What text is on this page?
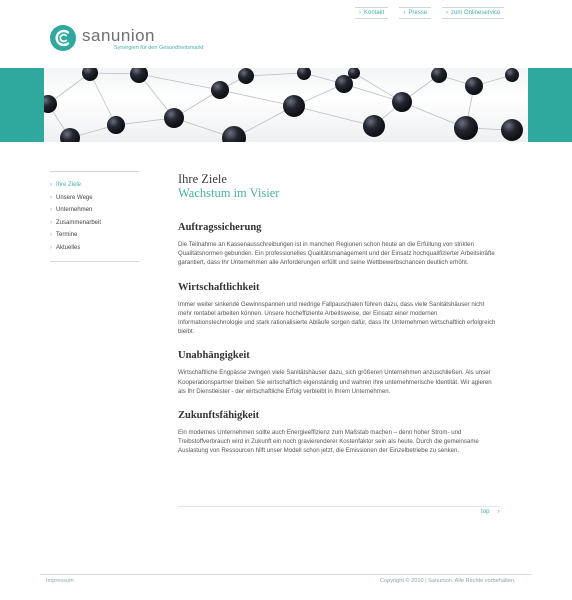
› Kontakt	› Presse	› zum Onlineservice
sanunion
Synergien für den Gesundheitsmarkt
› Ihre Ziele
› Unsere Wege
› Unternehmen
› Zusammenarbeit
› Termine
› Aktuelles
Ihre Ziele
Wachstum im Visier
Auftragssicherung
Die Teilnahme an Kassenausschreibungen ist in manchen Regionen schon heute an die Erfüllung von strikten Qualitätsnormen gebunden. Ein professionelles Qualitätsmanagement und der Einsatz hochqualifizierter Arbeitskräfte garantiert, dass Ihr Unternehmen alle Anforderungen erfüllt und seine Wettbewerbschancen deutlich erhöht.
Wirtschaftlichkeit
Immer weiter sinkende Gewinnspannen und niedrige Fallpauschalen führen dazu, dass viele Sanitätshäuser nicht mehr rentabel arbeiten können. Unsere hocheffiziente Arbeitsweise, der Einsatz einer modernen Informationstechnologie und stark rationalisierte Abläufe sorgen dafür, dass Ihr Unternehmen wirtschaftlich erfolgreich bleibt.
Unabhängigkeit
Wirtschaftliche Engpässe zwingen viele Sanitätshäuser dazu, sich größeren Unternehmen anzuschließen. Als unser Kooperationspartner bleiben Sie wirtschaftlich eigenständig und wahren ihre unternehmerische Identität. Wir agieren als Ihr Dienstleister - der wirtschaftliche Erfolg verbleibt in Ihrem Unternehmen.
Zukunftsfähigkeit
Ein modernes Unternehmen sollte auch Energieeffizienz zum Maßstab machen – denn hoher Strom- und Treibstoffverbrauch wird in Zukunft ein noch gravierenderer Kostenfaktor sein als heute. Durch die gemeinsame Auslastung von Ressourcen hilft unser Modell schon jetzt, die Emissionen der Einzelbetriebe zu senken.
top ›
Impressum	Copyright © 2010 | Sanunion. Alle Rechte vorbehalten.
